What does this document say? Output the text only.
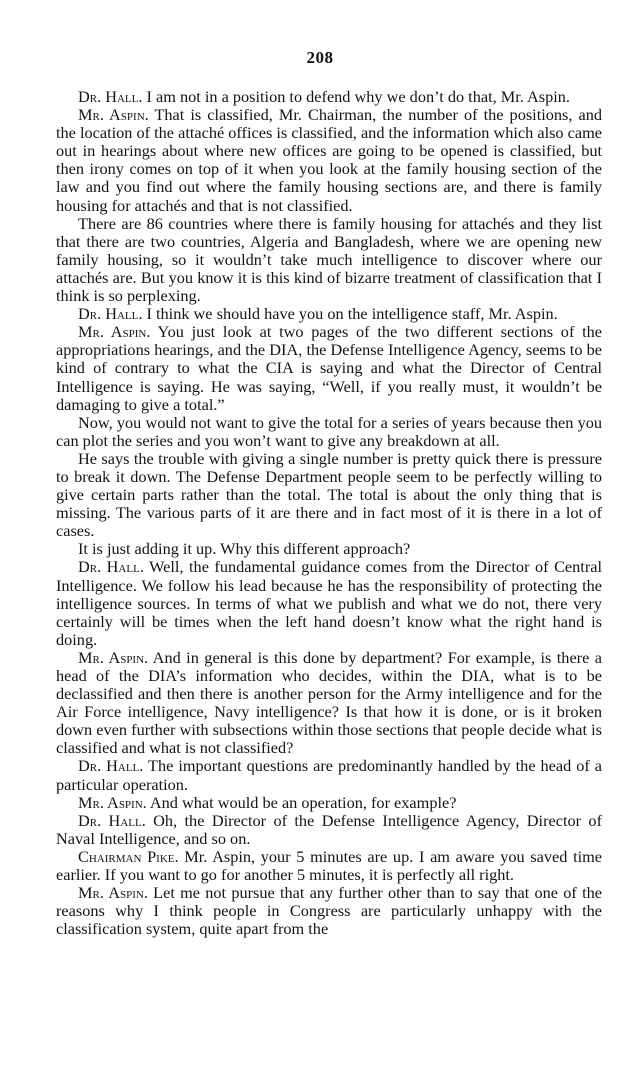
208

Dr. Hall. I am not in a position to defend why we don’t do that, Mr. Aspin.

Mr. Aspin. That is classified, Mr. Chairman, the number of the positions, and the location of the attaché offices is classified, and the information which also came out in hearings about where new offices are going to be opened is classified, but then irony comes on top of it when you look at the family housing section of the law and you find out where the family housing sections are, and there is family housing for attachés and that is not classified.

There are 86 countries where there is family housing for attachés and they list that there are two countries, Algeria and Bangladesh, where we are opening new family housing, so it wouldn’t take much intelligence to discover where our attachés are. But you know it is this kind of bizarre treatment of classification that I think is so perplexing.

Dr. Hall. I think we should have you on the intelligence staff, Mr. Aspin.

Mr. Aspin. You just look at two pages of the two different sections of the appropriations hearings, and the DIA, the Defense Intelligence Agency, seems to be kind of contrary to what the CIA is saying and what the Director of Central Intelligence is saying. He was saying, “Well, if you really must, it wouldn’t be damaging to give a total.”

Now, you would not want to give the total for a series of years because then you can plot the series and you won’t want to give any breakdown at all.

He says the trouble with giving a single number is pretty quick there is pressure to break it down. The Defense Department people seem to be perfectly willing to give certain parts rather than the total. The total is about the only thing that is missing. The various parts of it are there and in fact most of it is there in a lot of cases.

It is just adding it up. Why this different approach?

Dr. Hall. Well, the fundamental guidance comes from the Director of Central Intelligence. We follow his lead because he has the responsibility of protecting the intelligence sources. In terms of what we publish and what we do not, there very certainly will be times when the left hand doesn’t know what the right hand is doing.

Mr. Aspin. And in general is this done by department? For example, is there a head of the DIA’s information who decides, within the DIA, what is to be declassified and then there is another person for the Army intelligence and for the Air Force intelligence, Navy intelligence? Is that how it is done, or is it broken down even further with subsections within those sections that people decide what is classified and what is not classified?

Dr. Hall. The important questions are predominantly handled by the head of a particular operation.

Mr. Aspin. And what would be an operation, for example?

Dr. Hall. Oh, the Director of the Defense Intelligence Agency, Director of Naval Intelligence, and so on.

Chairman Pike. Mr. Aspin, your 5 minutes are up. I am aware you saved time earlier. If you want to go for another 5 minutes, it is perfectly all right.

Mr. Aspin. Let me not pursue that any further other than to say that one of the reasons why I think people in Congress are particularly unhappy with the classification system, quite apart from the
